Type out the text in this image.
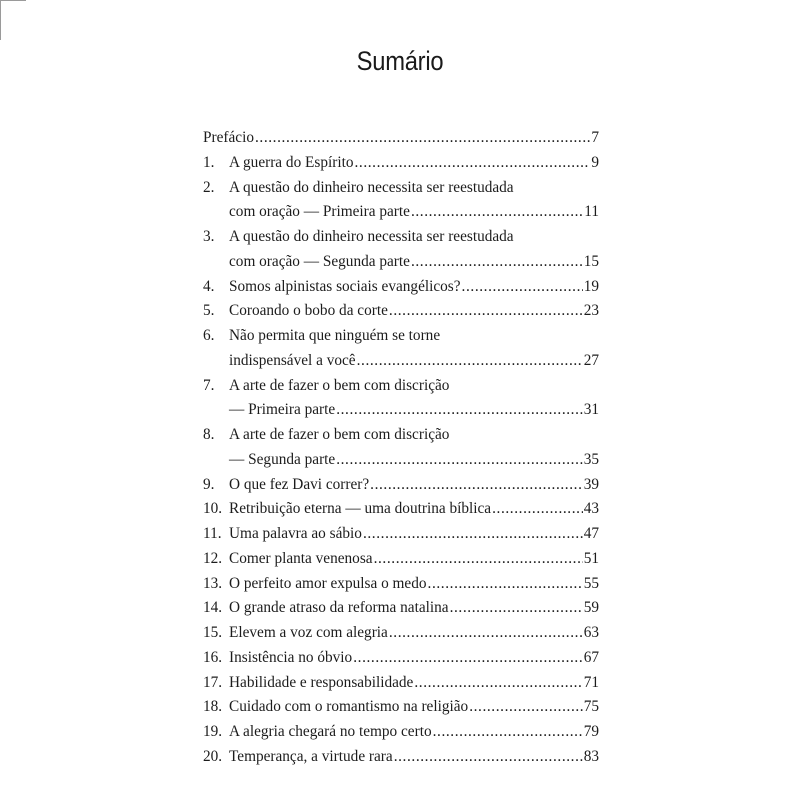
Sumário
Prefácio .....	7
1. A guerra do Espírito .....	9
2. A questão do dinheiro necessita ser reestudada
com oração — Primeira parte .....	11
3. A questão do dinheiro necessita ser reestudada
com oração — Segunda parte .....	15
4. Somos alpinistas sociais evangélicos? .....	19
5. Coroando o bobo da corte .....	23
6. Não permita que ninguém se torne
indispensável a você .....	27
7. A arte de fazer o bem com discrição
— Primeira parte .....	31
8. A arte de fazer o bem com discrição
— Segunda parte .....	35
9. O que fez Davi correr? .....	39
10. Retribuição eterna — uma doutrina bíblica .....	43
11. Uma palavra ao sábio .....	47
12. Comer planta venenosa .....	51
13. O perfeito amor expulsa o medo .....	55
14. O grande atraso da reforma natalina .....	59
15. Elevem a voz com alegria .....	63
16. Insistência no óbvio .....	67
17. Habilidade e responsabilidade .....	71
18. Cuidado com o romantismo na religião .....	75
19. A alegria chegará no tempo certo .....	79
20. Temperança, a virtude rara .....	83
